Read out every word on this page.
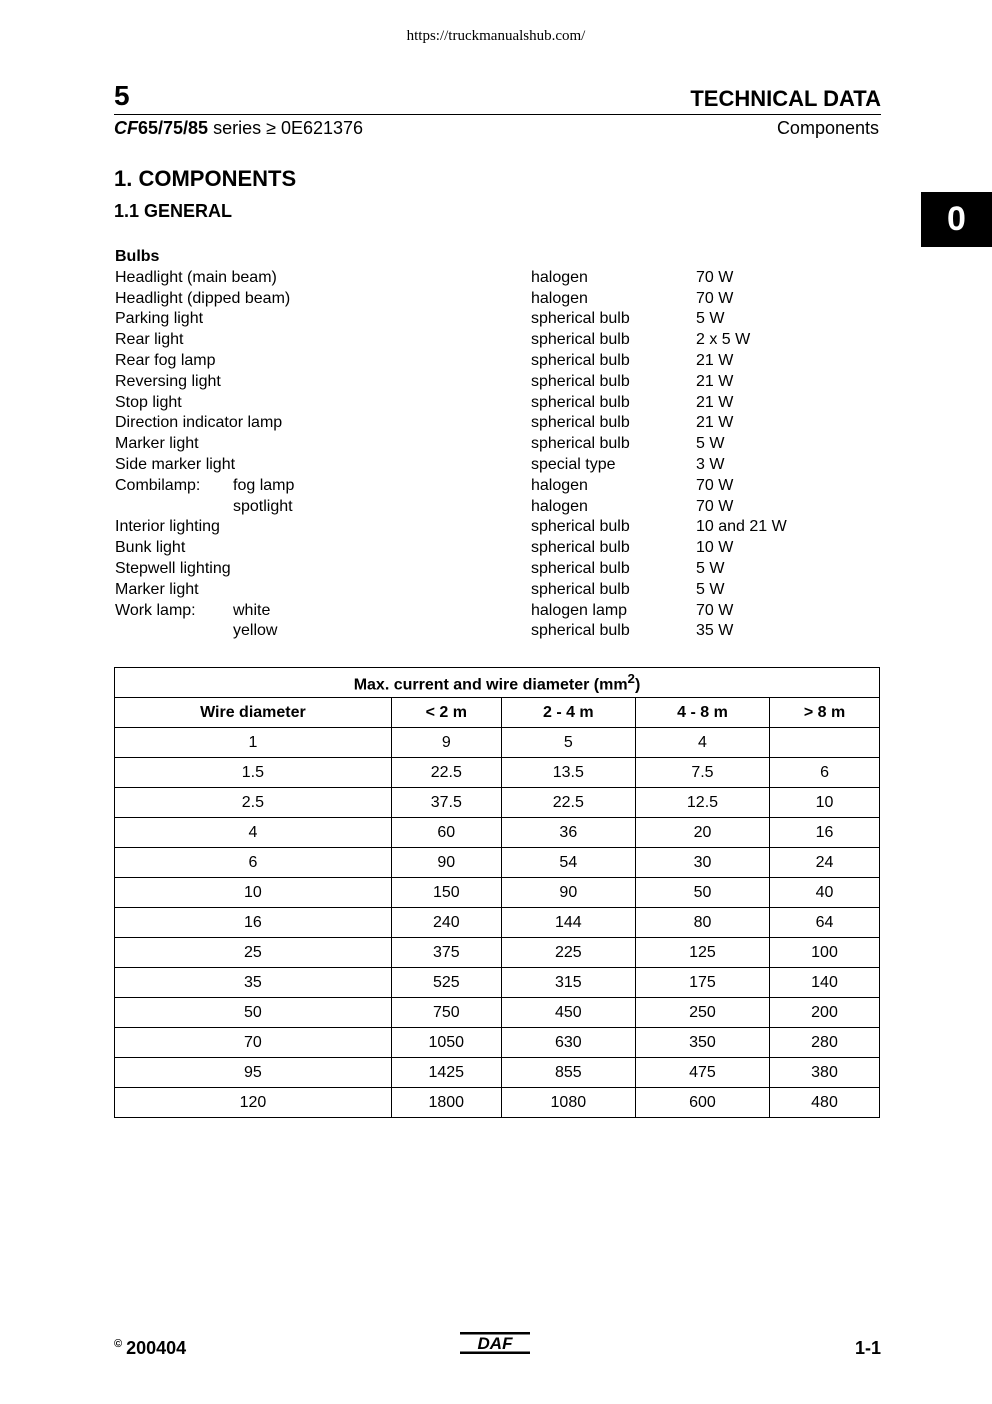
https://truckmanualshub.com/
5	TECHNICAL DATA
CF65/75/85 series ≥ 0E621376	Components
1. COMPONENTS
1.1 GENERAL	0
Bulbs
Headlight (main beam)	halogen	70 W
Headlight (dipped beam)	halogen	70 W
Parking light	spherical bulb	5 W
Rear light	spherical bulb	2 x 5 W
Rear fog lamp	spherical bulb	21 W
Reversing light	spherical bulb	21 W
Stop light	spherical bulb	21 W
Direction indicator lamp	spherical bulb	21 W
Marker light	spherical bulb	5 W
Side marker light	special type	3 W
Combilamp: fog lamp	halogen	70 W
spotlight	halogen	70 W
Interior lighting	spherical bulb	10 and 21 W
Bunk light	spherical bulb	10 W
Stepwell lighting	spherical bulb	5 W
Marker light	spherical bulb	5 W
Work lamp: white	halogen lamp	70 W
yellow	spherical bulb	35 W
Max. current and wire diameter $(mm^2)$				
Wire diameter	< 2 m	2 - 4 m	4 - 8 m	> 8 m
1	9	5	4	
1.5	22.5	13.5	7.5	6
2.5	37.5	22.5	12.5	10
4	60	36	20	16
6	90	54	30	24
10	150	90	50	40
16	240	144	80	64
25	375	225	125	100
35	525	315	175	140
50	750	450	250	200
70	1050	630	350	280
95	1425	855	475	380
120	1800	1080	600	480
© 200404	DAF	1-1
